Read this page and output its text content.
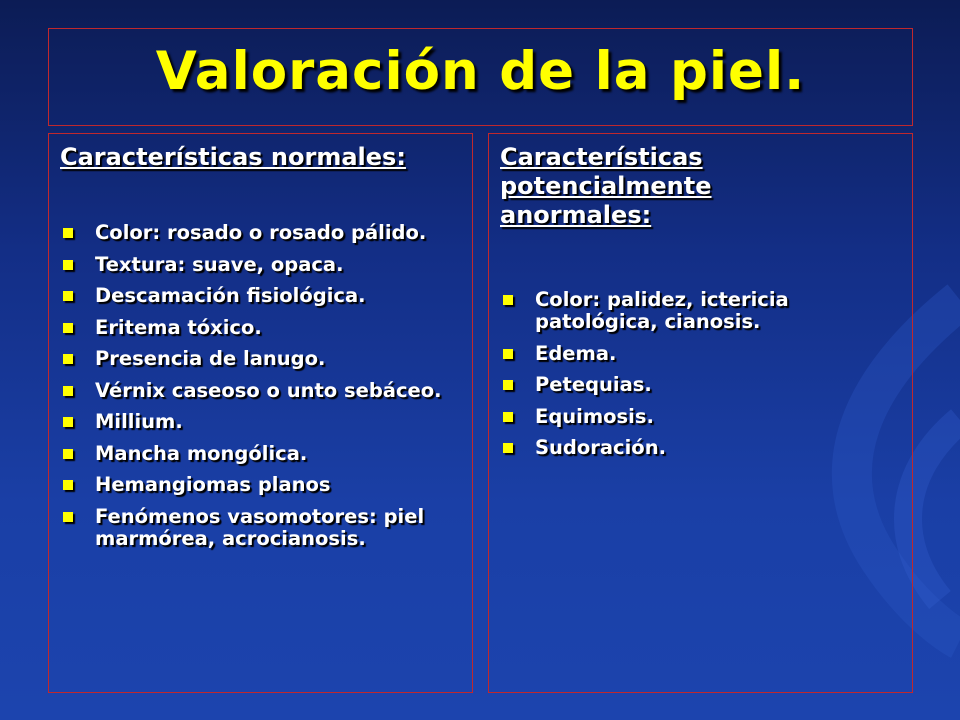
Valoración de la piel.
Características normales:
Color: rosado o rosado pálido.
Textura: suave, opaca.
Descamación fisiológica.
Eritema tóxico.
Presencia de lanugo.
Vérnix caseoso o unto sebáceo.
Millium.
Mancha mongólica.
Hemangiomas planos
Fenómenos vasomotores: piel marmórea, acrocianosis.
Características potencialmente anormales:
Color: palidez, ictericia patológica, cianosis.
Edema.
Petequias.
Equimosis.
Sudoración.
